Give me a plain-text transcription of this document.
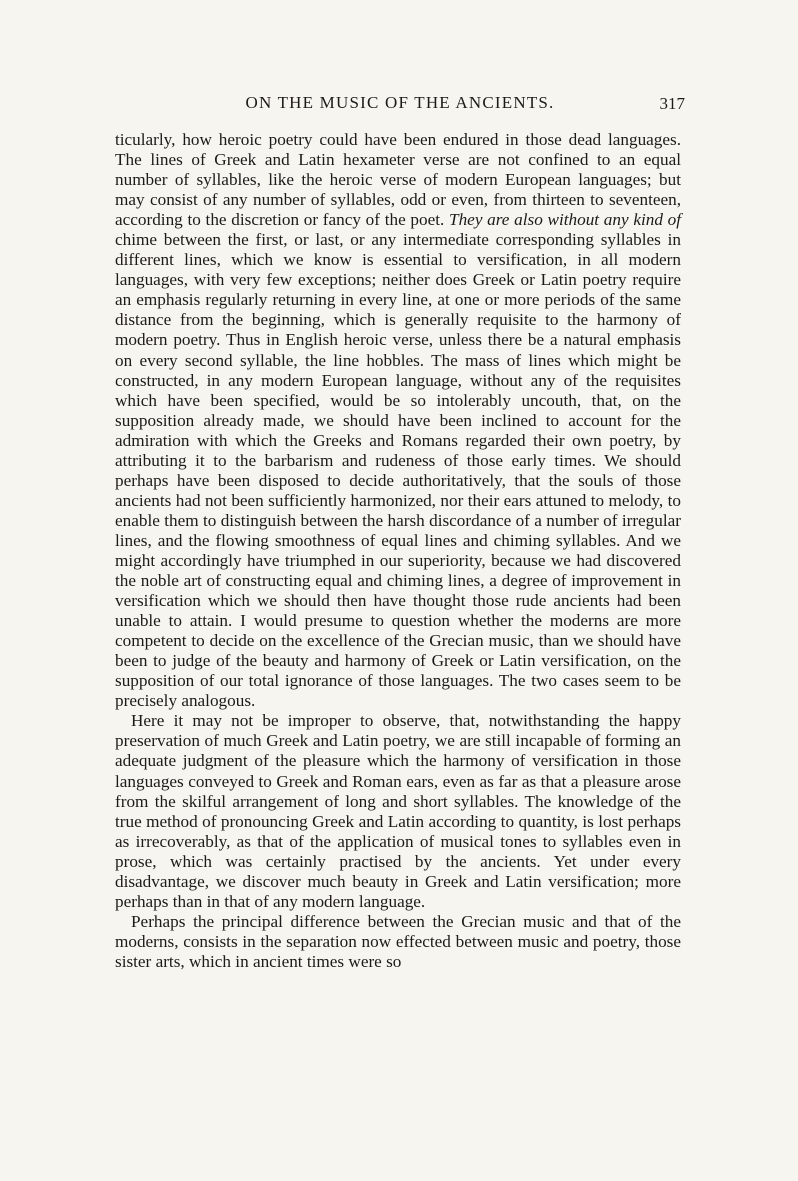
ON THE MUSIC OF THE ANCIENTS.	317

ticularly, how heroic poetry could have been endured in those dead languages. The lines of Greek and Latin hexameter verse are not confined to an equal number of syllables, like the heroic verse of modern European languages; but may consist of any number of syllables, odd or even, from thirteen to seventeen, according to the discretion or fancy of the poet. They are also without any kind of chime between the first, or last, or any intermediate corresponding syllables in different lines, which we know is essential to versification, in all modern languages, with very few exceptions; neither does Greek or Latin poetry require an emphasis regularly returning in every line, at one or more periods of the same distance from the beginning, which is generally requisite to the harmony of modern poetry. Thus in English heroic verse, unless there be a natural emphasis on every second syllable, the line hobbles. The mass of lines which might be constructed, in any modern European language, without any of the requisites which have been specified, would be so intolerably uncouth, that, on the supposition already made, we should have been inclined to account for the admiration with which the Greeks and Romans regarded their own poetry, by attributing it to the barbarism and rudeness of those early times. We should perhaps have been disposed to decide authoritatively, that the souls of those ancients had not been sufficiently harmonized, nor their ears attuned to melody, to enable them to distinguish between the harsh discordance of a number of irregular lines, and the flowing smoothness of equal lines and chiming syllables. And we might accordingly have triumphed in our superiority, because we had discovered the noble art of constructing equal and chiming lines, a degree of improvement in versification which we should then have thought those rude ancients had been unable to attain. I would presume to question whether the moderns are more competent to decide on the excellence of the Grecian music, than we should have been to judge of the beauty and harmony of Greek or Latin versification, on the supposition of our total ignorance of those languages. The two cases seem to be precisely analogous.

Here it may not be improper to observe, that, notwithstanding the happy preservation of much Greek and Latin poetry, we are still incapable of forming an adequate judgment of the pleasure which the harmony of versification in those languages conveyed to Greek and Roman ears, even as far as that a pleasure arose from the skilful arrangement of long and short syllables. The knowledge of the true method of pronouncing Greek and Latin according to quantity, is lost perhaps as irrecoverably, as that of the application of musical tones to syllables even in prose, which was certainly practised by the ancients. Yet under every disadvantage, we discover much beauty in Greek and Latin versification; more perhaps than in that of any modern language.

Perhaps the principal difference between the Grecian music and that of the moderns, consists in the separation now effected between music and poetry, those sister arts, which in ancient times were so
